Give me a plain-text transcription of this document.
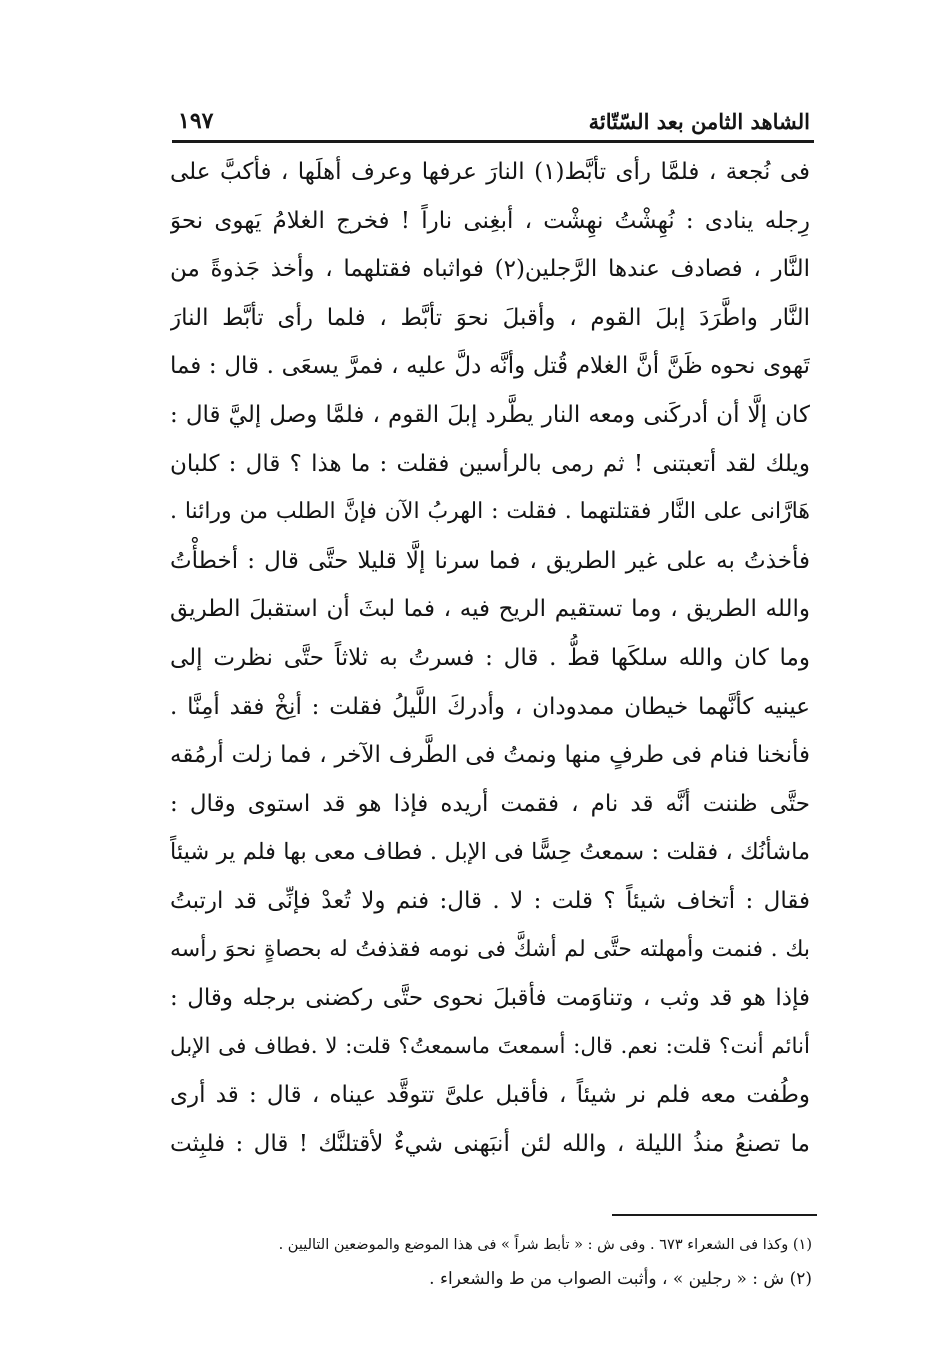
الشاهد الثامن بعد السّتّائة
١٩٧
فى نُجعة ، فلمَّا رأى تأبَّط(١) النارَ عرفها وعرف أهلَها ، فأكبَّ على
رِجله ينادى : نُهِشْتُ نهِشْت ، أبغِنى ناراً ! فخرج الغلامُ يَهوى نحوَ
النَّار ، فصادف عندها الرَّجلين(٢) فواثباه فقتلهما ، وأخذ جَذوةً من
النَّار واطَّرَدَ إبلَ القوم ، وأقبلَ نحوَ تأبَّط ، فلما رأى تأبَّط النارَ
تَهوى نحوه ظَنَّ أنَّ الغلام قُتل وأنَّه دلَّ عليه ، فمرَّ يسعَى . قال : فما
كان إلَّا أن أدركَنى ومعه النار يطَّرد إبلَ القوم ، فلمَّا وصل إليَّ قال :
ويلك لقد أتعبتنى ! ثم رمى بالرأسين فقلت : ما هذا ؟ قال : كلبان
هَارَّانى على النَّار فقتلتهما . فقلت : الهربُ الآن فإنَّ الطلب من ورائنا .
فأخذتُ به على غير الطريق ، فما سرنا إلَّا قليلا حتَّى قال : أخطأْتُ
والله الطريق ، وما تستقيم الريح فيه ، فما لبثَ أن استقبلَ الطريق
وما كان والله سلكَها قطُّ . قال : فسرتُ به ثلاثاً حتَّى نظرت إلى
عينيه كأنَّهما خيطان ممدودان ، وأدركَ اللَّيلُ فقلت : أنِخْ فقد أمِنَّا .
فأنخنا فنام فى طرفٍ منها ونمتُ فى الطَّرف الآخر ، فما زلت أرمُقه
حتَّى ظننت أنَّه قد نام ، فقمت أريده فإذا هو قد استوى وقال :
ماشأنُك ، فقلت : سمعتُ حِسًّا فى الإبل . فطاف معى بها فلم ير شيئاً
فقال : أتخاف شيئاً ؟ قلت : لا . قال: فنم ولا تُعدْ فإنِّى قد ارتبتُ
بك . فنمت وأمهلته حتَّى لم أشكَّ فى نومه فقذفتُ له بحصاةٍ نحوَ رأسه
فإذا هو قد وثب ، وتناوَمت فأقبلَ نحوى حتَّى ركضنى برجله وقال :
أنائم أنت؟ قلت: نعم. قال: أسمعتَ ماسمعتُ؟ قلت: لا .فطاف فى الإبل
وطُفت معه فلم نر شيئاً ، فأقبل علىَّ تتوقَّد عيناه ، قال : قد أرى
ما تصنعُ منذُ الليلة ، والله لئن أنبَهنى شيءٌ لأقتلنَّك ! قال : فلبِثت
(١) وكذا فى الشعراء ٦٧٣ . وفى ش : « تأبط شراً » فى هذا الموضع والموضعين التاليين .
(٢) ش : « رجلين » ، وأثبت الصواب من ط والشعراء .
